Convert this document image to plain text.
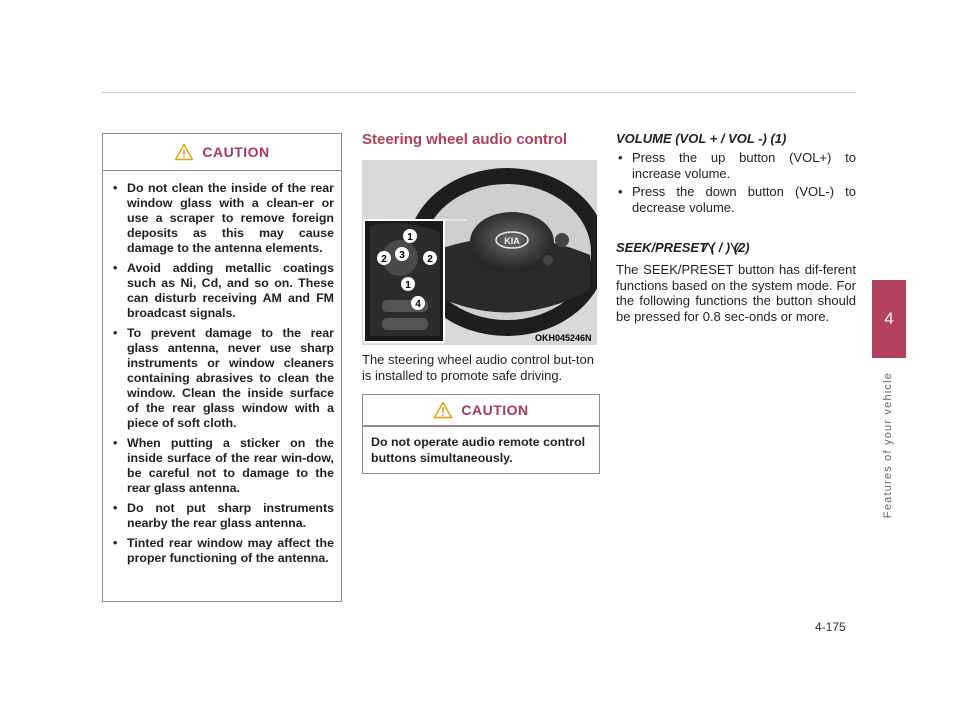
4
Features of your vehicle
CAUTION
• Do not clean the inside of the rear window glass with a clean-er or use a scraper to remove foreign deposits as this may cause damage to the antenna elements.
• Avoid adding metallic coatings such as Ni, Cd, and so on. These can disturb receiving AM and FM broadcast signals.
• To prevent damage to the rear glass antenna, never use sharp instruments or window cleaners containing abrasives to clean the window. Clean the inside surface of the rear glass window with a piece of soft cloth.
• When putting a sticker on the inside surface of the rear win-dow, be careful not to damage to the rear glass antenna.
• Do not put sharp instruments nearby the rear glass antenna.
• Tinted rear window may affect the proper functioning of the antenna.
Steering wheel audio control
KIA
1
2 3 2
1
4
OKH045246N

The steering wheel audio control but-ton is installed to promote safe driving.

CAUTION

Do not operate audio remote control buttons simultaneously.

VOLUME (VOL + / VOL -) (1)
• Press the up button (VOL+) to increase volume.
• Press the down button (VOL-) to decrease volume.
SEEK/PRESET ( / ) (2)

The SEEK/PRESET button has dif-ferent functions based on the system mode. For the following functions the button should be pressed for 0.8 sec-onds or more.

4-175
